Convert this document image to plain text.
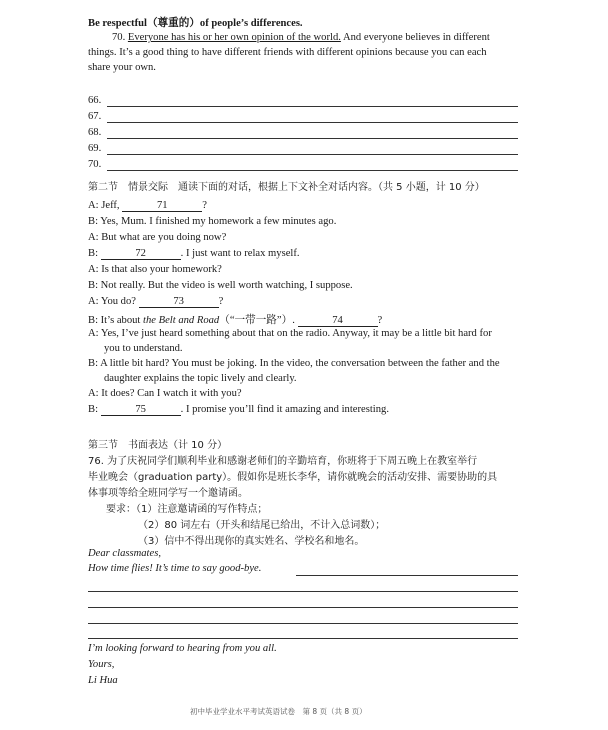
Be respectful（尊重的）of people’s differences.
70. Everyone has his or her own opinion of the world. And everyone believes in different
things. It’s a good thing to have different friends with different opinions because you can each
share your own.
66.
67.
68.
69.
70.
第二节　情景交际　通读下面的对话，根据上下文补全对话内容。（共 5 小题，计 10 分）
A: Jeff,	71	?
B: Yes, Mum. I finished my homework a few minutes ago.
A: But what are you doing now?
B:	72	. I just want to relax myself.
A: Is that also your homework?
B: Not really. But the video is well worth watching, I suppose.
A: You do?	73	?
B: It’s about the Belt and Road（“一带一路”）.	74	?
A: Yes, I’ve just heard something about that on the radio. Anyway, it may be a little bit hard for
you to understand.
B: A little bit hard? You must be joking. In the video, the conversation between the father and the
daughter explains the topic lively and clearly.
A: It does? Can I watch it with you?
B:	75	. I promise you’ll find it amazing and interesting.
第三节　书面表达（计 10 分）
76. 为了庆祝同学们顺利毕业和感谢老师们的辛勤培育，你班将于下周五晚上在教室举行
毕业晚会（graduation party）。假如你是班长李华，请你就晚会的活动安排、需要协助的具
体事项等给全班同学写一个邀请函。
要求：（1）注意邀请函的写作特点；
（2）80 词左右（开头和结尾已给出，不计入总词数）；
（3）信中不得出现你的真实姓名、学校名和地名。
Dear classmates,
How time flies! It’s time to say good-bye.
I’m looking forward to hearing from you all.
Yours,
Li Hua
初中毕业学业水平考试英语试卷　第 8 页（共 8 页）
